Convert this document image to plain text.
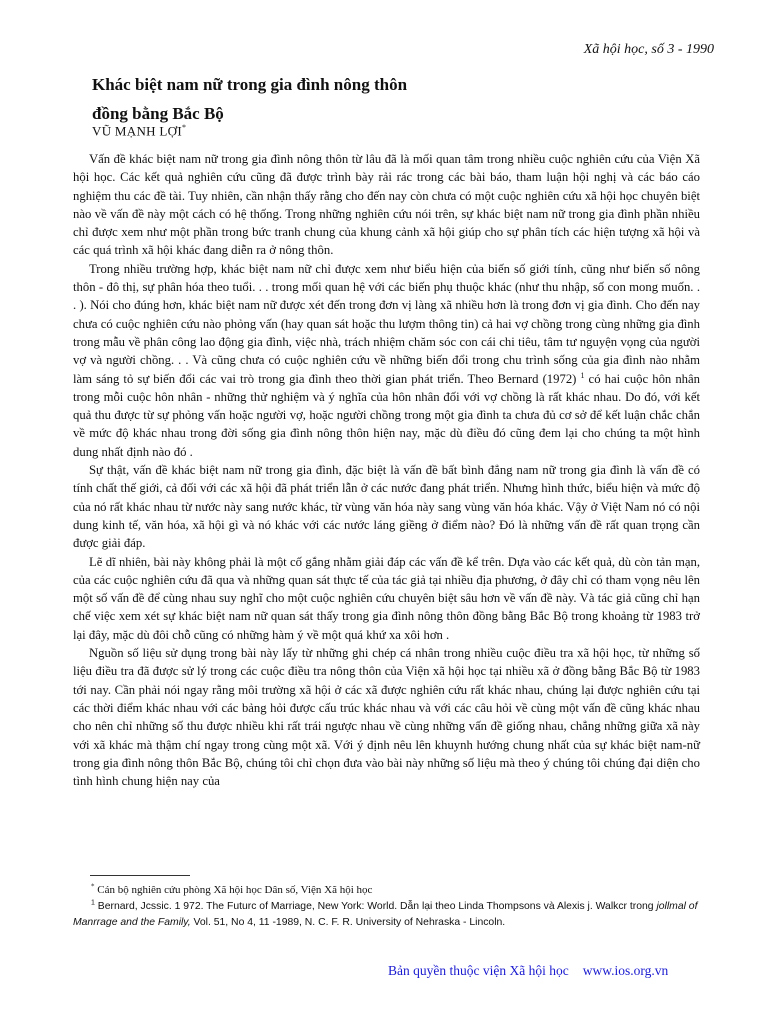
Xã hội học, số 3 - 1990
Khác biệt nam nữ trong gia đình nông thôn
đồng bằng Bắc Bộ
VŨ MẠNH LỢI*

Vấn đề khác biệt nam nữ trong gia đình nông thôn từ lâu đã là mối quan tâm trong nhiều cuộc nghiên cứu của Viện Xã hội học. Các kết quả nghiên cứu cũng đã được trình bày rải rác trong các bài báo, tham luận hội nghị và các báo cáo nghiệm thu các đề tài. Tuy nhiên, cần nhận thấy rằng cho đến nay còn chưa có một cuộc nghiên cứu xã hội học chuyên biệt nào về vấn đề này một cách có hệ thống. Trong những nghiên cứu nói trên, sự khác biệt nam nữ trong gia đình phần nhiều chỉ được xem như một phần trong bức tranh chung của khung cảnh xã hội giúp cho sự phân tích các hiện tượng xã hội và các quá trình xã hội khác đang diễn ra ở nông thôn.

Trong nhiều trường hợp, khác biệt nam nữ chỉ được xem như biểu hiện của biến số giới tính, cũng như biến số nông thôn - đô thị, sự phân hóa theo tuổi. . . trong mối quan hệ với các biến phụ thuộc khác (như thu nhập, số con mong muốn. . . ). Nói cho đúng hơn, khác biệt nam nữ được xét đến trong đơn vị làng xã nhiều hơn là trong đơn vị gia đình. Cho đến nay chưa có cuộc nghiên cứu nào phỏng vấn (hay quan sát hoặc thu lượm thông tin) cả hai vợ chồng trong cùng những gia đình trong mẫu về phân công lao động gia đình, việc nhà, trách nhiệm chăm sóc con cái chi tiêu, tâm tư nguyện vọng của người vợ và người chồng. . . Và cũng chưa có cuộc nghiên cứu về những biến đổi trong chu trình sống của gia đình nào nhằm làm sáng tỏ sự biến đổi các vai trò trong gia đình theo thời gian phát triển. Theo Bernard (1972) $^1$ có hai cuộc hôn nhân trong mỗi cuộc hôn nhân - những thử nghiệm và ý nghĩa của hôn nhân đối với vợ chồng là rất khác nhau. Do đó, với kết quả thu được từ sự phỏng vấn hoặc người vợ, hoặc người chồng trong một gia đình ta chưa đủ cơ sở để kết luận chắc chắn về mức độ khác nhau trong đời sống gia đình nông thôn hiện nay, mặc dù điều đó cũng đem lại cho chúng ta một hình dung nhất định nào đó .

Sự thật, vấn đề khác biệt nam nữ trong gia đình, đặc biệt là vấn đề bất bình đẳng nam nữ trong gia đình là vấn đề có tính chất thế giới, cả đối với các xã hội đã phát triển lẫn ở các nước đang phát triển. Nhưng hình thức, biểu hiện và mức độ của nó rất khác nhau từ nước này sang nước khác, từ vùng văn hóa này sang vùng văn hóa khác. Vậy ở Việt Nam nó có nội dung kinh tế, văn hóa, xã hội gì và nó khác với các nước láng giềng ở điểm nào? Đó là những vấn đề rất quan trọng cần được giải đáp.

Lẽ dĩ nhiên, bài này không phải là một cố gắng nhằm giải đáp các vấn đề kể trên. Dựa vào các kết quả, dù còn tản mạn, của các cuộc nghiên cứu đã qua và những quan sát thực tế của tác giả tại nhiều địa phương, ở đây chỉ có tham vọng nêu lên một số vấn đề để cùng nhau suy nghĩ cho một cuộc nghiên cứu chuyên biệt sâu hơn về vấn đề này. Và tác giả cũng chỉ hạn chế việc xem xét sự khác biệt nam nữ quan sát thấy trong gia đình nông thôn đồng bằng Bắc Bộ trong khoảng từ 1983 trở lại đây, mặc dù đôi chỗ cũng có những hàm ý về một quá khứ xa xôi hơn .

Nguồn số liệu sử dụng trong bài này lấy từ những ghi chép cá nhân trong nhiều cuộc điều tra xã hội học, từ những số liệu điều tra đã được sử lý trong các cuộc điều tra nông thôn của Viện xã hội học tại nhiều xã ở đồng bằng Bắc Bộ từ 1983 tới nay. Cần phải nói ngay rằng môi trường xã hội ở các xã được nghiên cứu rất khác nhau, chúng lại được nghiên cứu tại các thời điểm khác nhau với các bảng hỏi được cấu trúc khác nhau và với các câu hỏi về cùng một vấn đề cũng khác nhau cho nên chỉ những số thu được nhiều khi rất trái ngược nhau về cùng những vấn đề giống nhau, chẳng những giữa xã này với xã khác mà thậm chí ngay trong cùng một xã. Với ý định nêu lên khuynh hướng chung nhất của sự khác biệt nam-nữ trong gia đình nông thôn Bắc Bộ, chúng tôi chỉ chọn đưa vào bài này những số liệu mà theo ý chúng tôi chúng đại diện cho tình hình chung hiện nay của

* Cán bộ nghiên cứu phòng Xã hội học Dân số, Viện Xã hội học

$^1$ Bernard, Jcssic. 1 972. The Futurc of Marriage, New York: World. Dẫn lại theo Linda Thompsons và Alexis j. Walkcr trong jollmal of Manrrage and the Family, Vol. 51, No 4, 11 -1989, N. C. F. R. University of Nehraska - Lincoln.

Bản quyền thuộc viện Xã hội học www.ios.org.vn
